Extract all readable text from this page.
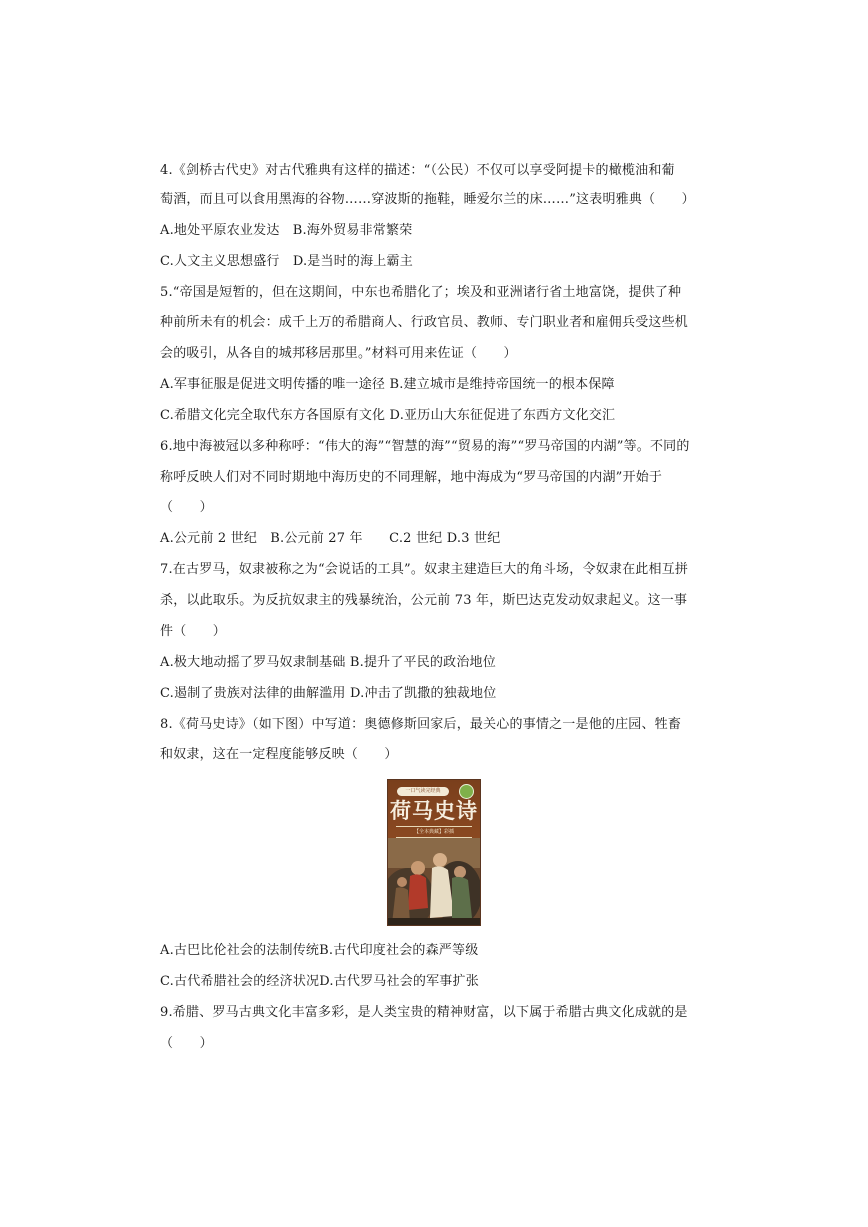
4.《剑桥古代史》对古代雅典有这样的描述：“（公民）不仅可以享受阿提卡的橄榄油和葡
萄酒，而且可以食用黑海的谷物……穿波斯的拖鞋，睡爱尔兰的床……”这表明雅典（　　）
A.地处平原农业发达　B.海外贸易非常繁荣
C.人文主义思想盛行　D.是当时的海上霸主
5.“帝国是短暂的，但在这期间，中东也希腊化了；埃及和亚洲诸行省土地富饶，提供了种
种前所未有的机会：成千上万的希腊商人、行政官员、教师、专门职业者和雇佣兵受这些机
会的吸引，从各自的城邦移居那里。”材料可用来佐证（　　）
A.军事征服是促进文明传播的唯一途径 B.建立城市是维持帝国统一的根本保障
C.希腊文化完全取代东方各国原有文化 D.亚历山大东征促进了东西方文化交汇
6.地中海被冠以多种称呼：“伟大的海”“智慧的海”“贸易的海”“罗马帝国的内湖”等。不同的
称呼反映人们对不同时期地中海历史的不同理解，地中海成为“罗马帝国的内湖”开始于
（　　）
A.公元前 2 世纪　B.公元前 27 年　　C.2 世纪 D.3 世纪
7.在古罗马，奴隶被称之为“会说话的工具”。奴隶主建造巨大的角斗场，令奴隶在此相互拼
杀，以此取乐。为反抗奴隶主的残暴统治，公元前 73 年，斯巴达克发动奴隶起义。这一事
件（　　）
A.极大地动摇了罗马奴隶制基础 B.提升了平民的政治地位
C.遏制了贵族对法律的曲解滥用 D.冲击了凯撒的独裁地位
8.《荷马史诗》（如下图）中写道：奥德修斯回家后，最关心的事情之一是他的庄园、牲畜
和奴隶，这在一定程度能够反映（　　）
一口气读完经典
荷马史诗
【全本典藏】彩插
A.古巴比伦社会的法制传统B.古代印度社会的森严等级
C.古代希腊社会的经济状况D.古代罗马社会的军事扩张
9.希腊、罗马古典文化丰富多彩，是人类宝贵的精神财富，以下属于希腊古典文化成就的是
（　　）
